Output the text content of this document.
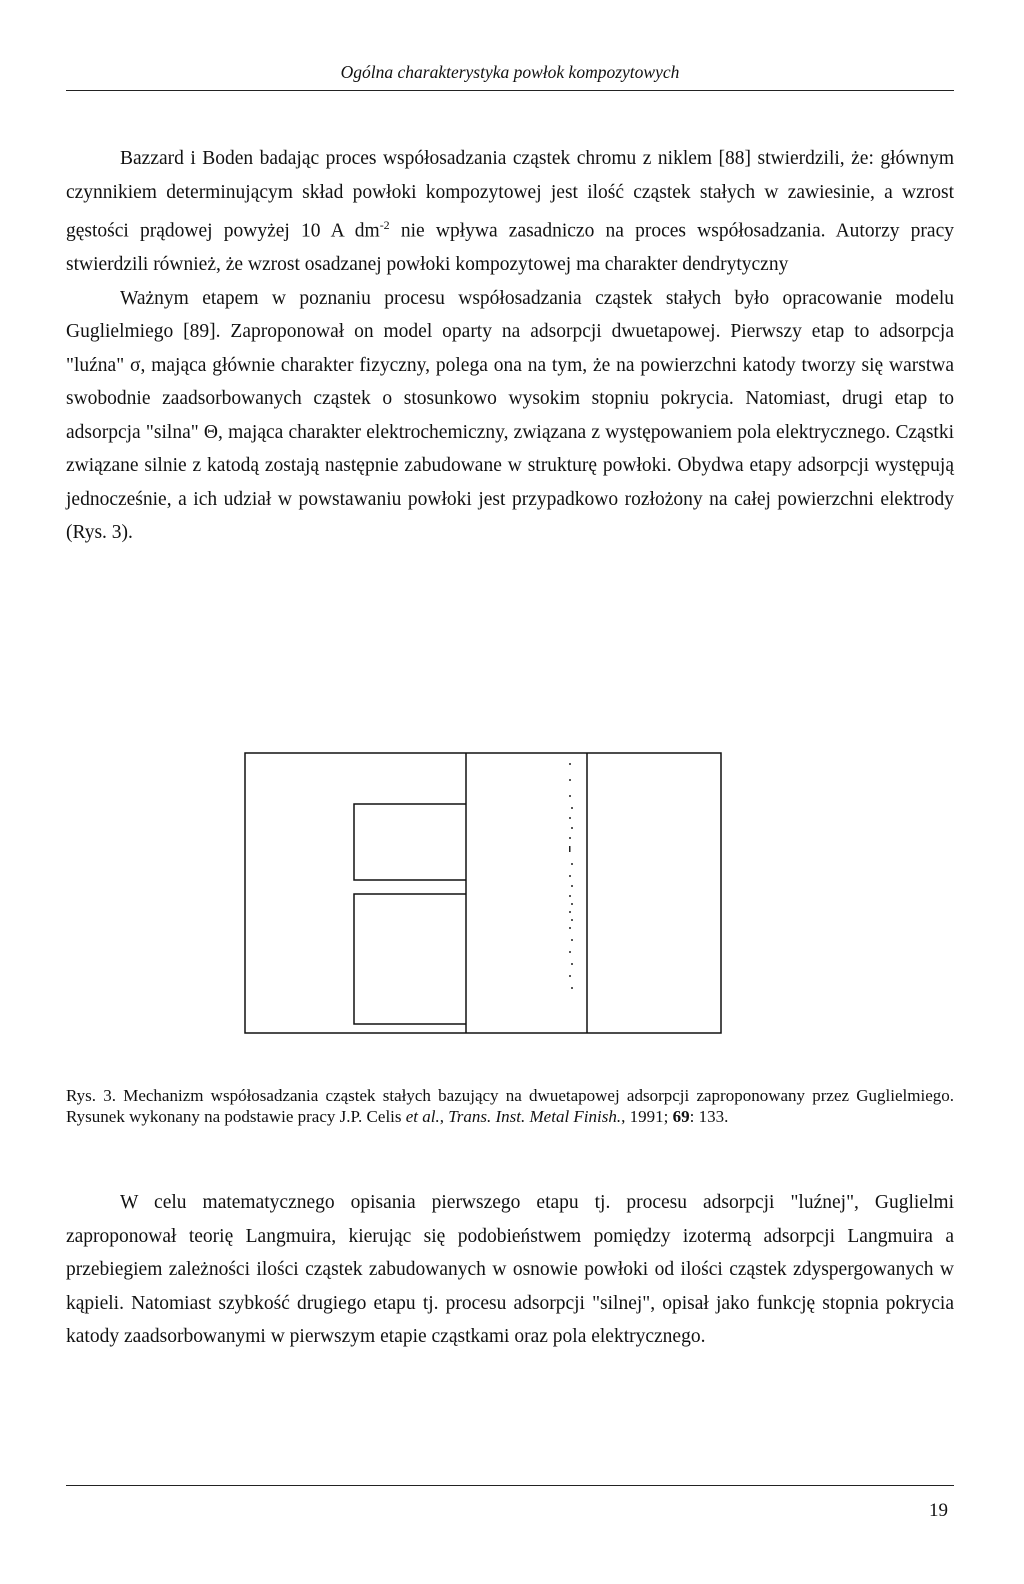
Ogólna charakterystyka powłok kompozytowych

Bazzard i Boden badając proces współosadzania cząstek chromu z niklem [88] stwierdzili, że: głównym czynnikiem determinującym skład powłoki kompozytowej jest ilość cząstek stałych w zawiesinie, a wzrost gęstości prądowej powyżej 10 A $dm^{-2}$ nie wpływa zasadniczo na proces współosadzania. Autorzy pracy stwierdzili również, że wzrost osadzanej powłoki kompozytowej ma charakter dendrytyczny

Ważnym etapem w poznaniu procesu współosadzania cząstek stałych było opracowanie modelu Guglielmiego [89]. Zaproponował on model oparty na adsorpcji dwuetapowej. Pierwszy etap to adsorpcja "luźna" σ, mająca głównie charakter fizyczny, polega ona na tym, że na powierzchni katody tworzy się warstwa swobodnie zaadsorbowanych cząstek o stosunkowo wysokim stopniu pokrycia. Natomiast, drugi etap to adsorpcja "silna" Θ, mająca charakter elektrochemiczny, związana z występowaniem pola elektrycznego. Cząstki związane silnie z katodą zostają następnie zabudowane w strukturę powłoki. Obydwa etapy adsorpcji występują jednocześnie, a ich udział w powstawaniu powłoki jest przypadkowo rozłożony na całej powierzchni elektrody (Rys. 3).

Rys. 3. Mechanizm współosadzania cząstek stałych bazujący na dwuetapowej adsorpcji zaproponowany przez Guglielmiego. Rysunek wykonany na podstawie pracy J.P. Celis et al., Trans. Inst. Metal Finish., 1991; 69: 133.

W celu matematycznego opisania pierwszego etapu tj. procesu adsorpcji "luźnej", Guglielmi zaproponował teorię Langmuira, kierując się podobieństwem pomiędzy izotermą adsorpcji Langmuira a przebiegiem zależności ilości cząstek zabudowanych w osnowie powłoki od ilości cząstek zdyspergowanych w kąpieli. Natomiast szybkość drugiego etapu tj. procesu adsorpcji "silnej", opisał jako funkcję stopnia pokrycia katody zaadsorbowanymi w pierwszym etapie cząstkami oraz pola elektrycznego.

19
